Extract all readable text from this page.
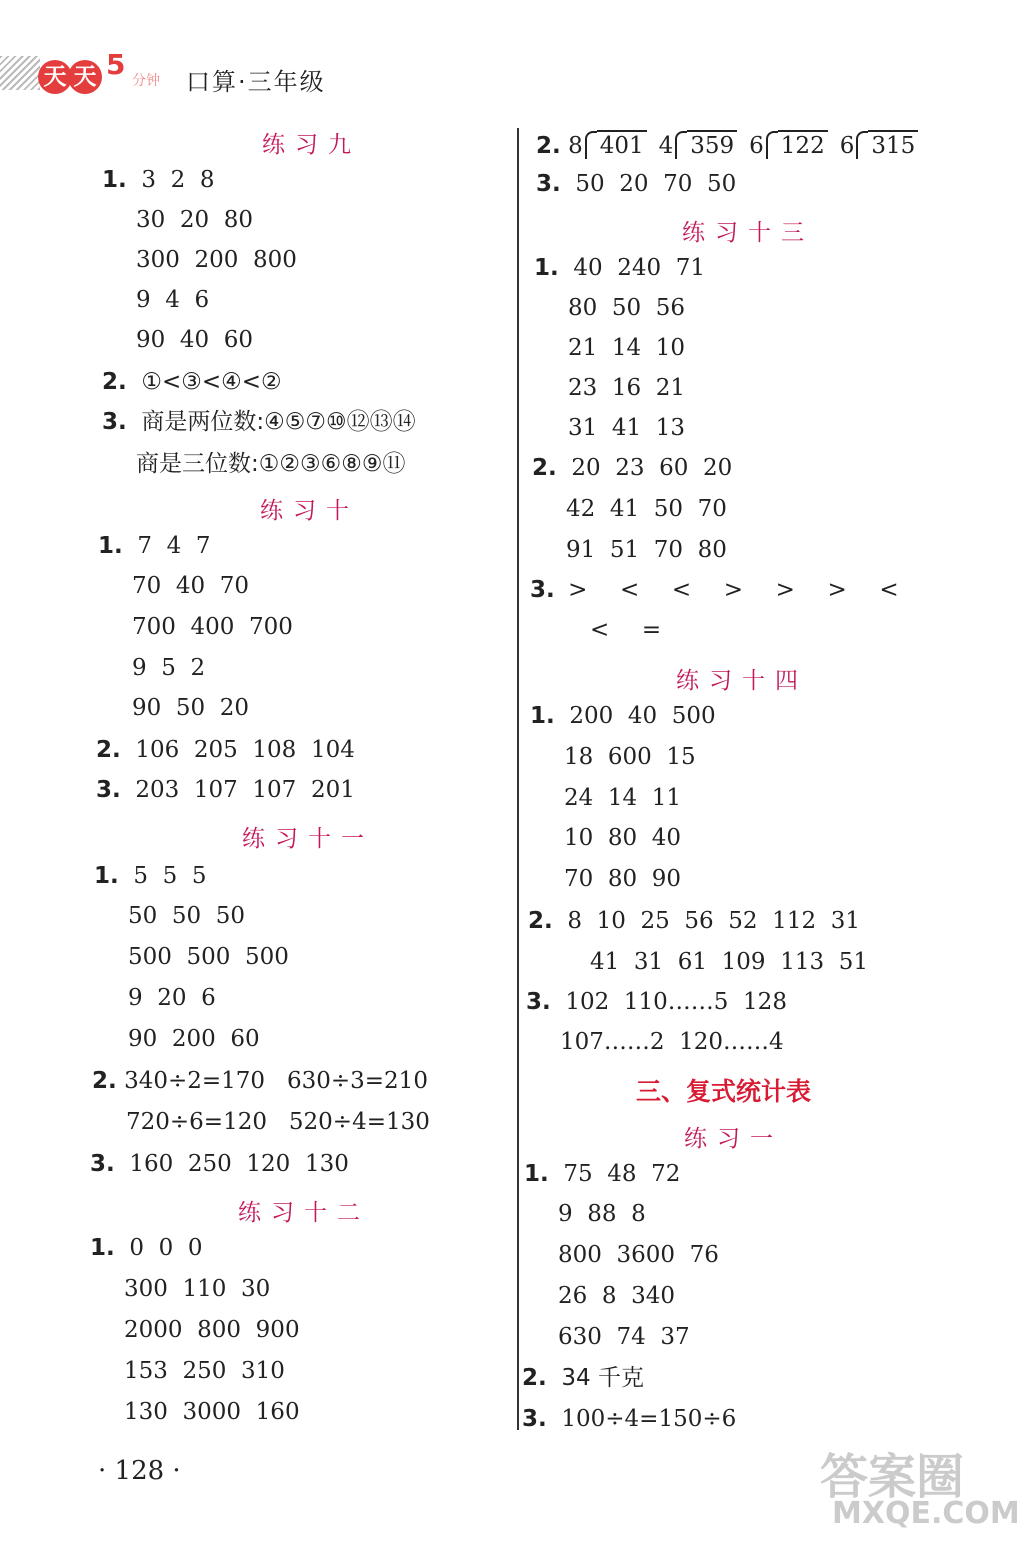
天 天 5 分钟 口算·三年级
练习九
1. 3  2  8
30  20  80
300  200  800
9  4  6
90  40  60
2. ①<③<④<②
3. 商是两位数:④⑤⑦⑩⑫⑬⑭
商是三位数:①②③⑥⑧⑨⑪
练习十
1. 7  4  7
70  40  70
700  400  700
9  5  2
90  50  20
2. 106  205  108  104
3. 203  107  107  201
练习十一
1. 5  5  5
50  50  50
500  500  500
9  20  6
90  200  60
2. 340÷2=170   630÷3=210
720÷6=120   520÷4=130
3. 160  250  120  130
练习十二
1. 0  0  0
300  110  30
2000  800  900
153  250  310
130  3000  160
2. 8 401 4 359 6 122 6 315
3. 50  20  70  50
练习十三
1. 40  240  71
80  50  56
21  14  10
23  16  21
31  41  13
2. 20  23  60  20
42  41  50  70
91  51  70  80
3. >  <  <  >  >  >  <
<  =
练习十四
1. 200  40  500
18  600  15
24  14  11
10  80  40
70  80  90
2. 8  10  25  56  52  112  31
41  31  61  109  113  51
3. 102  110……5  128
107……2  120……4
三、复式统计表
练习一
1. 75  48  72
9  88  8
800  3600  76
26  8  340
630  74  37
2. 34 千克
3. 100÷4=150÷6
· 128 ·	答案圈
MXQE.COM
